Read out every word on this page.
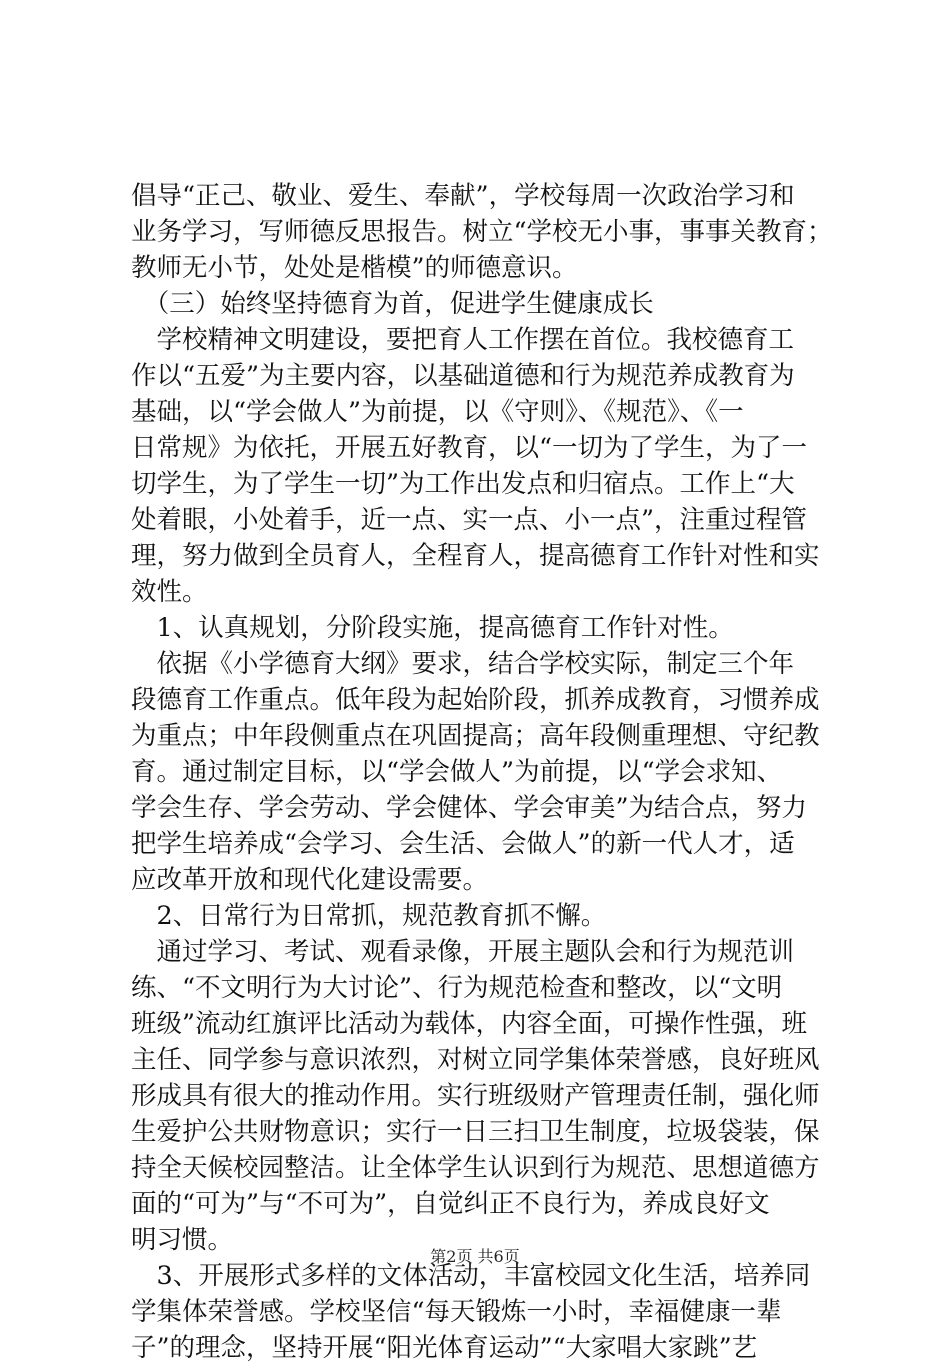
倡导“正己、敬业、爱生、奉献”，学校每周一次政治学习和
业务学习，写师德反思报告。树立“学校无小事，事事关教育；
教师无小节，处处是楷模”的师德意识。
　（三）始终坚持德育为首，促进学生健康成长
　学校精神文明建设，要把育人工作摆在首位。我校德育工
作以“五爱”为主要内容，以基础道德和行为规范养成教育为
基础，以“学会做人”为前提，以《守则》、《规范》、《一
日常规》为依托，开展五好教育，以“一切为了学生，为了一
切学生，为了学生一切”为工作出发点和归宿点。工作上“大
处着眼，小处着手，近一点、实一点、小一点”，注重过程管
理，努力做到全员育人，全程育人，提高德育工作针对性和实
效性。
　1、认真规划，分阶段实施，提高德育工作针对性。
　依据《小学德育大纲》要求，结合学校实际，制定三个年
段德育工作重点。低年段为起始阶段，抓养成教育，习惯养成
为重点；中年段侧重点在巩固提高；高年段侧重理想、守纪教
育。通过制定目标，以“学会做人”为前提，以“学会求知、
学会生存、学会劳动、学会健体、学会审美”为结合点，努力
把学生培养成“会学习、会生活、会做人”的新一代人才，适
应改革开放和现代化建设需要。
　2、日常行为日常抓，规范教育抓不懈。
　通过学习、考试、观看录像，开展主题队会和行为规范训
练、“不文明行为大讨论”、行为规范检查和整改，以“文明
班级”流动红旗评比活动为载体，内容全面，可操作性强，班
主任、同学参与意识浓烈，对树立同学集体荣誉感，良好班风
形成具有很大的推动作用。实行班级财产管理责任制，强化师
生爱护公共财物意识；实行一日三扫卫生制度，垃圾袋装，保
持全天候校园整洁。让全体学生认识到行为规范、思想道德方
面的“可为”与“不可为”，自觉纠正不良行为，养成良好文
明习惯。
　3、开展形式多样的文体活动，丰富校园文化生活，培养同
学集体荣誉感。学校坚信“每天锻炼一小时，幸福健康一辈
子”的理念，坚持开展“阳光体育运动”“大家唱大家跳”艺
第2页 共6页
